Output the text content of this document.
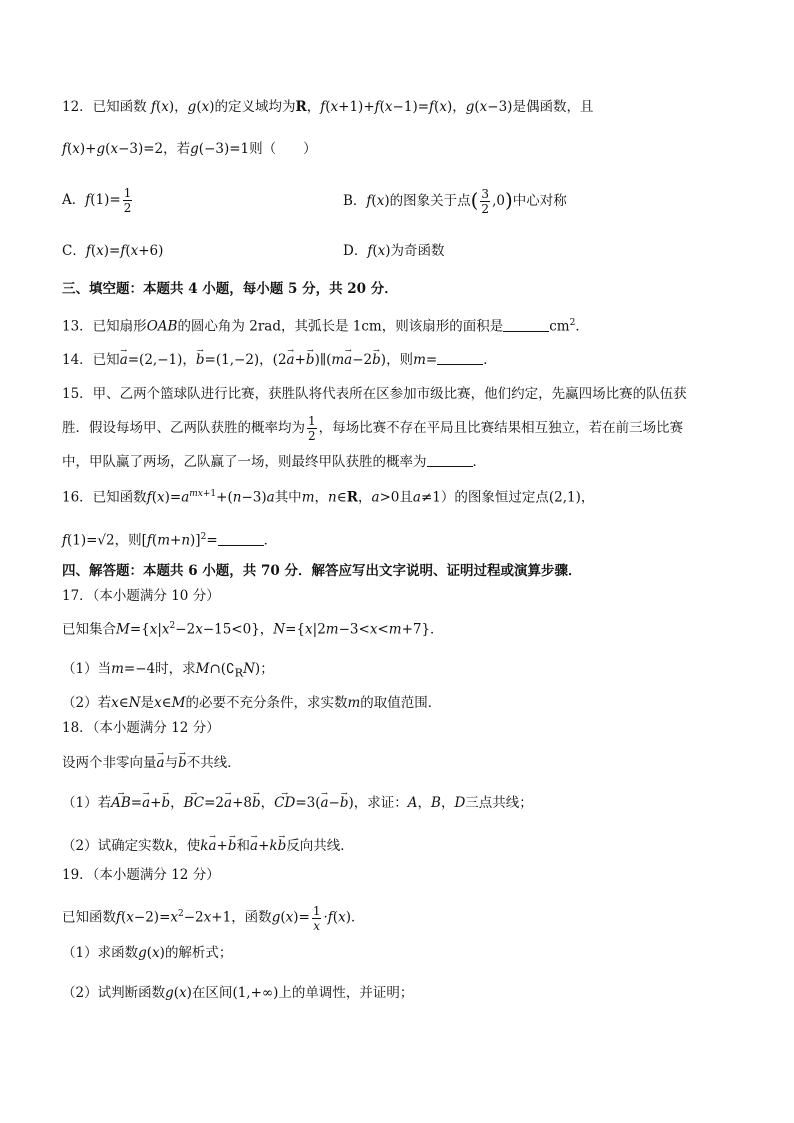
12．已知函数 f(x)，g(x)的定义域均为R，f(x+1)+f(x−1)=f(x)，g(x−3)是偶函数，且
f(x)+g(x−3)=2，若g(−3)=1则（　　）
A．$f(1)= \frac{1}{2}$	B．f(x)的图象关于点( $\frac{3}{2} ,0$)中心对称
C．f(x)=f(x+6)	D．f(x)为奇函数
三、填空题：本题共 4 小题，每小题 5 分，共 20 分．
13．已知扇形OAB的圆心角为 2rad，其弧长是 1cm，则该扇形的面积是	$cm^2$．
14．已知a →=(2,−1)，b →=(1,−2)，(2a →+b →)∥(ma →−2b →)，则m=	．
15．甲、乙两个篮球队进行比赛，获胜队将代表所在区参加市级比赛，他们约定，先赢四场比赛的队伍获
胜．假设每场甲、乙两队获胜的概率均为 $\frac{1}{2}$ ，每场比赛不存在平局且比赛结果相互独立，若在前三场比赛
中，甲队赢了两场，乙队赢了一场，则最终甲队获胜的概率为	．
16．已知函数$f(x)=a^{mx+1}+(n-3)a$其中m，n∈R，a>0且a≠1）的图象恒过定点(2,1)，
f(1)=√2，则$[f(m+n)]^2=$	．
四、解答题：本题共 6 小题，共 70 分．解答应写出文字说明、证明过程或演算步骤．
17．（本小题满分 10 分）
已知集合$M=\{x|x^2-2x-15<0\}$，N={x|2m−3<x<m+7}．
（1）当m=−4时，求$M\cap(∁_RN)$；
（2）若x∈N是x∈M的必要不充分条件，求实数m的取值范围．
18．（本小题满分 12 分）
设两个非零向量a →与b →不共线．
（1）若AB →=a →+b →，BC →=2a →+8b →，CD →=3(a →−b →)，求证：A，B，D三点共线；
（2）试确定实数k，使ka →+b →和a →+kb →反向共线．
19．（本小题满分 12 分）
已知函数$f(x-2)=x^2-2x+1$，函数$g(x)= \frac{1}{x} \cdot f(x)$．
（1）求函数g(x)的解析式；
（2）试判断函数g(x)在区间(1,+∞)上的单调性，并证明；
